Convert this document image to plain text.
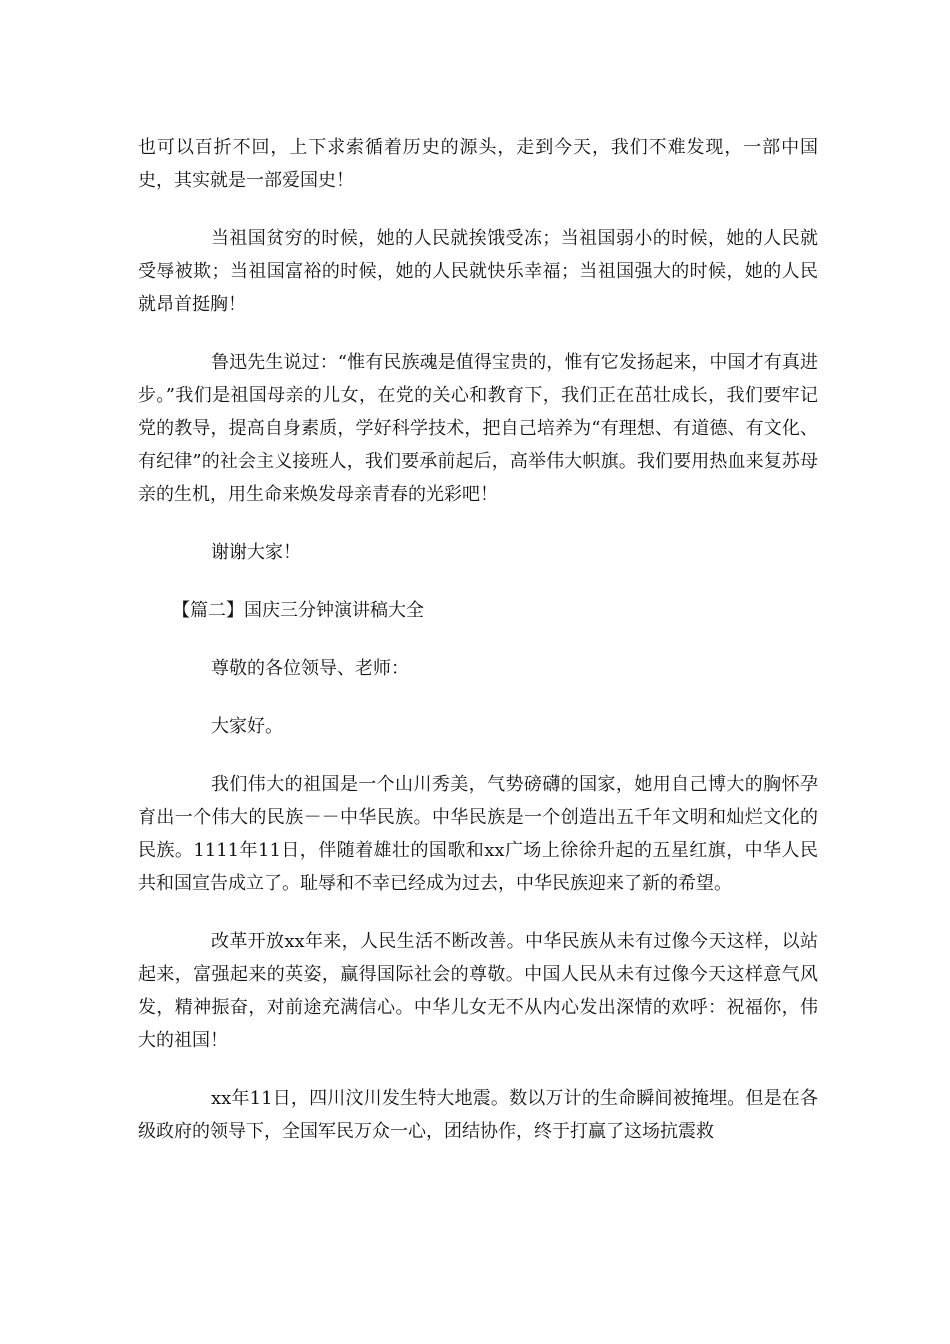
也可以百折不回，上下求索循着历史的源头，走到今天，我们不难发现，一部中国史，其实就是一部爱国史！

当祖国贫穷的时候，她的人民就挨饿受冻；当祖国弱小的时候，她的人民就受辱被欺；当祖国富裕的时候，她的人民就快乐幸福；当祖国强大的时候，她的人民就昂首挺胸！

鲁迅先生说过：“惟有民族魂是值得宝贵的，惟有它发扬起来，中国才有真进步。”我们是祖国母亲的儿女，在党的关心和教育下，我们正在茁壮成长，我们要牢记党的教导，提高自身素质，学好科学技术，把自己培养为“有理想、有道德、有文化、有纪律”的社会主义接班人，我们要承前起后，高举伟大帜旗。我们要用热血来复苏母亲的生机，用生命来焕发母亲青春的光彩吧！

谢谢大家！

【篇二】国庆三分钟演讲稿大全

尊敬的各位领导、老师：

大家好。

我们伟大的祖国是一个山川秀美，气势磅礴的国家，她用自己博大的胸怀孕育出一个伟大的民族－－中华民族。中华民族是一个创造出五千年文明和灿烂文化的民族。1111年11日，伴随着雄壮的国歌和xx广场上徐徐升起的五星红旗，中华人民共和国宣告成立了。耻辱和不幸已经成为过去，中华民族迎来了新的希望。

改革开放xx年来，人民生活不断改善。中华民族从未有过像今天这样，以站起来，富强起来的英姿，赢得国际社会的尊敬。中国人民从未有过像今天这样意气风发，精神振奋，对前途充满信心。中华儿女无不从内心发出深情的欢呼：祝福你，伟大的祖国！

xx年11日，四川汶川发生特大地震。数以万计的生命瞬间被掩埋。但是在各级政府的领导下，全国军民万众一心，团结协作，终于打赢了这场抗震救
